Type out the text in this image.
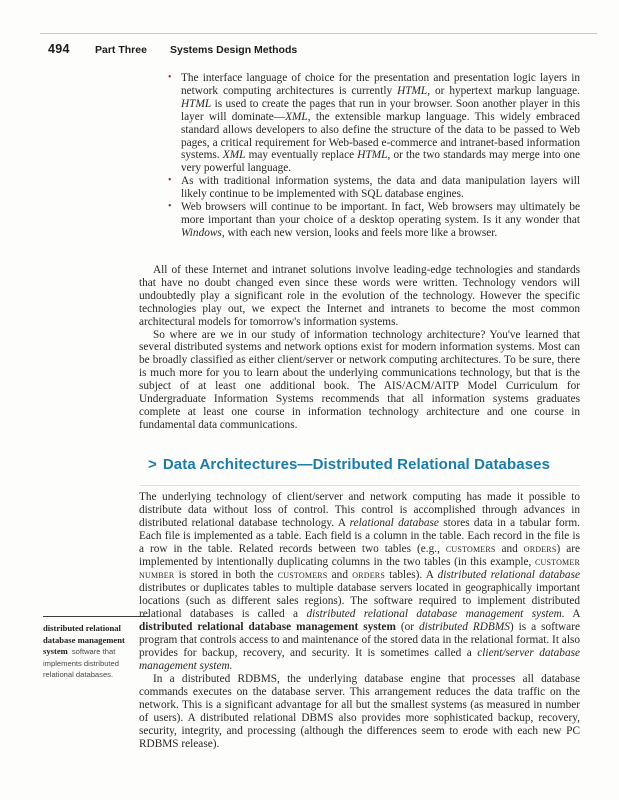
494 Part Three Systems Design Methods
• The interface language of choice for the presentation and presentation logic layers in network computing architectures is currently HTML, or hypertext markup language. HTML is used to create the pages that run in your browser. Soon another player in this layer will dominate—XML, the extensible markup language. This widely embraced standard allows developers to also define the structure of the data to be passed to Web pages, a critical requirement for Web-based e-commerce and intranet-based information systems. XML may eventually replace HTML, or the two standards may merge into one very powerful language.
• As with traditional information systems, the data and data manipulation layers will likely continue to be implemented with SQL database engines.
• Web browsers will continue to be important. In fact, Web browsers may ultimately be more important than your choice of a desktop operating system. Is it any wonder that Windows, with each new version, looks and feels more like a browser.

All of these Internet and intranet solutions involve leading-edge technologies and standards that have no doubt changed even since these words were written. Technology vendors will undoubtedly play a significant role in the evolution of the technology. However the specific technologies play out, we expect the Internet and intranets to become the most common architectural models for tomorrow's information systems.

So where are we in our study of information technology architecture? You've learned that several distributed systems and network options exist for modern information systems. Most can be broadly classified as either client/server or network computing architectures. To be sure, there is much more for you to learn about the underlying communications technology, but that is the subject of at least one additional book. The AIS/ACM/AITP Model Curriculum for Undergraduate Information Systems recommends that all information systems graduates complete at least one course in information technology architecture and one course in fundamental data communications.

> Data Architectures—Distributed Relational Databases

The underlying technology of client/server and network computing has made it possible to distribute data without loss of control. This control is accomplished through advances in distributed relational database technology. A relational database stores data in a tabular form. Each file is implemented as a table. Each field is a column in the table. Each record in the file is a row in the table. Related records between two tables (e.g., customers and orders) are implemented by intentionally duplicating columns in the two tables (in this example, customer number is stored in both the customers and orders tables). A distributed relational database distributes or duplicates tables to multiple database servers located in geographically important locations (such as different sales regions). The software required to implement distributed relational databases is called a distributed relational database management system. A distributed relational database management system (or distributed RDBMS) is a software program that controls access to and maintenance of the stored data in the relational format. It also provides for backup, recovery, and security. It is sometimes called a client/server database management system.

In a distributed RDBMS, the underlying database engine that processes all database commands executes on the database server. This arrangement reduces the data traffic on the network. This is a significant advantage for all but the smallest systems (as measured in number of users). A distributed relational DBMS also provides more sophisticated backup, recovery, security, integrity, and processing (although the differences seem to erode with each new PC RDBMS release).

distributed relational database management system software that implements distributed relational databases.
